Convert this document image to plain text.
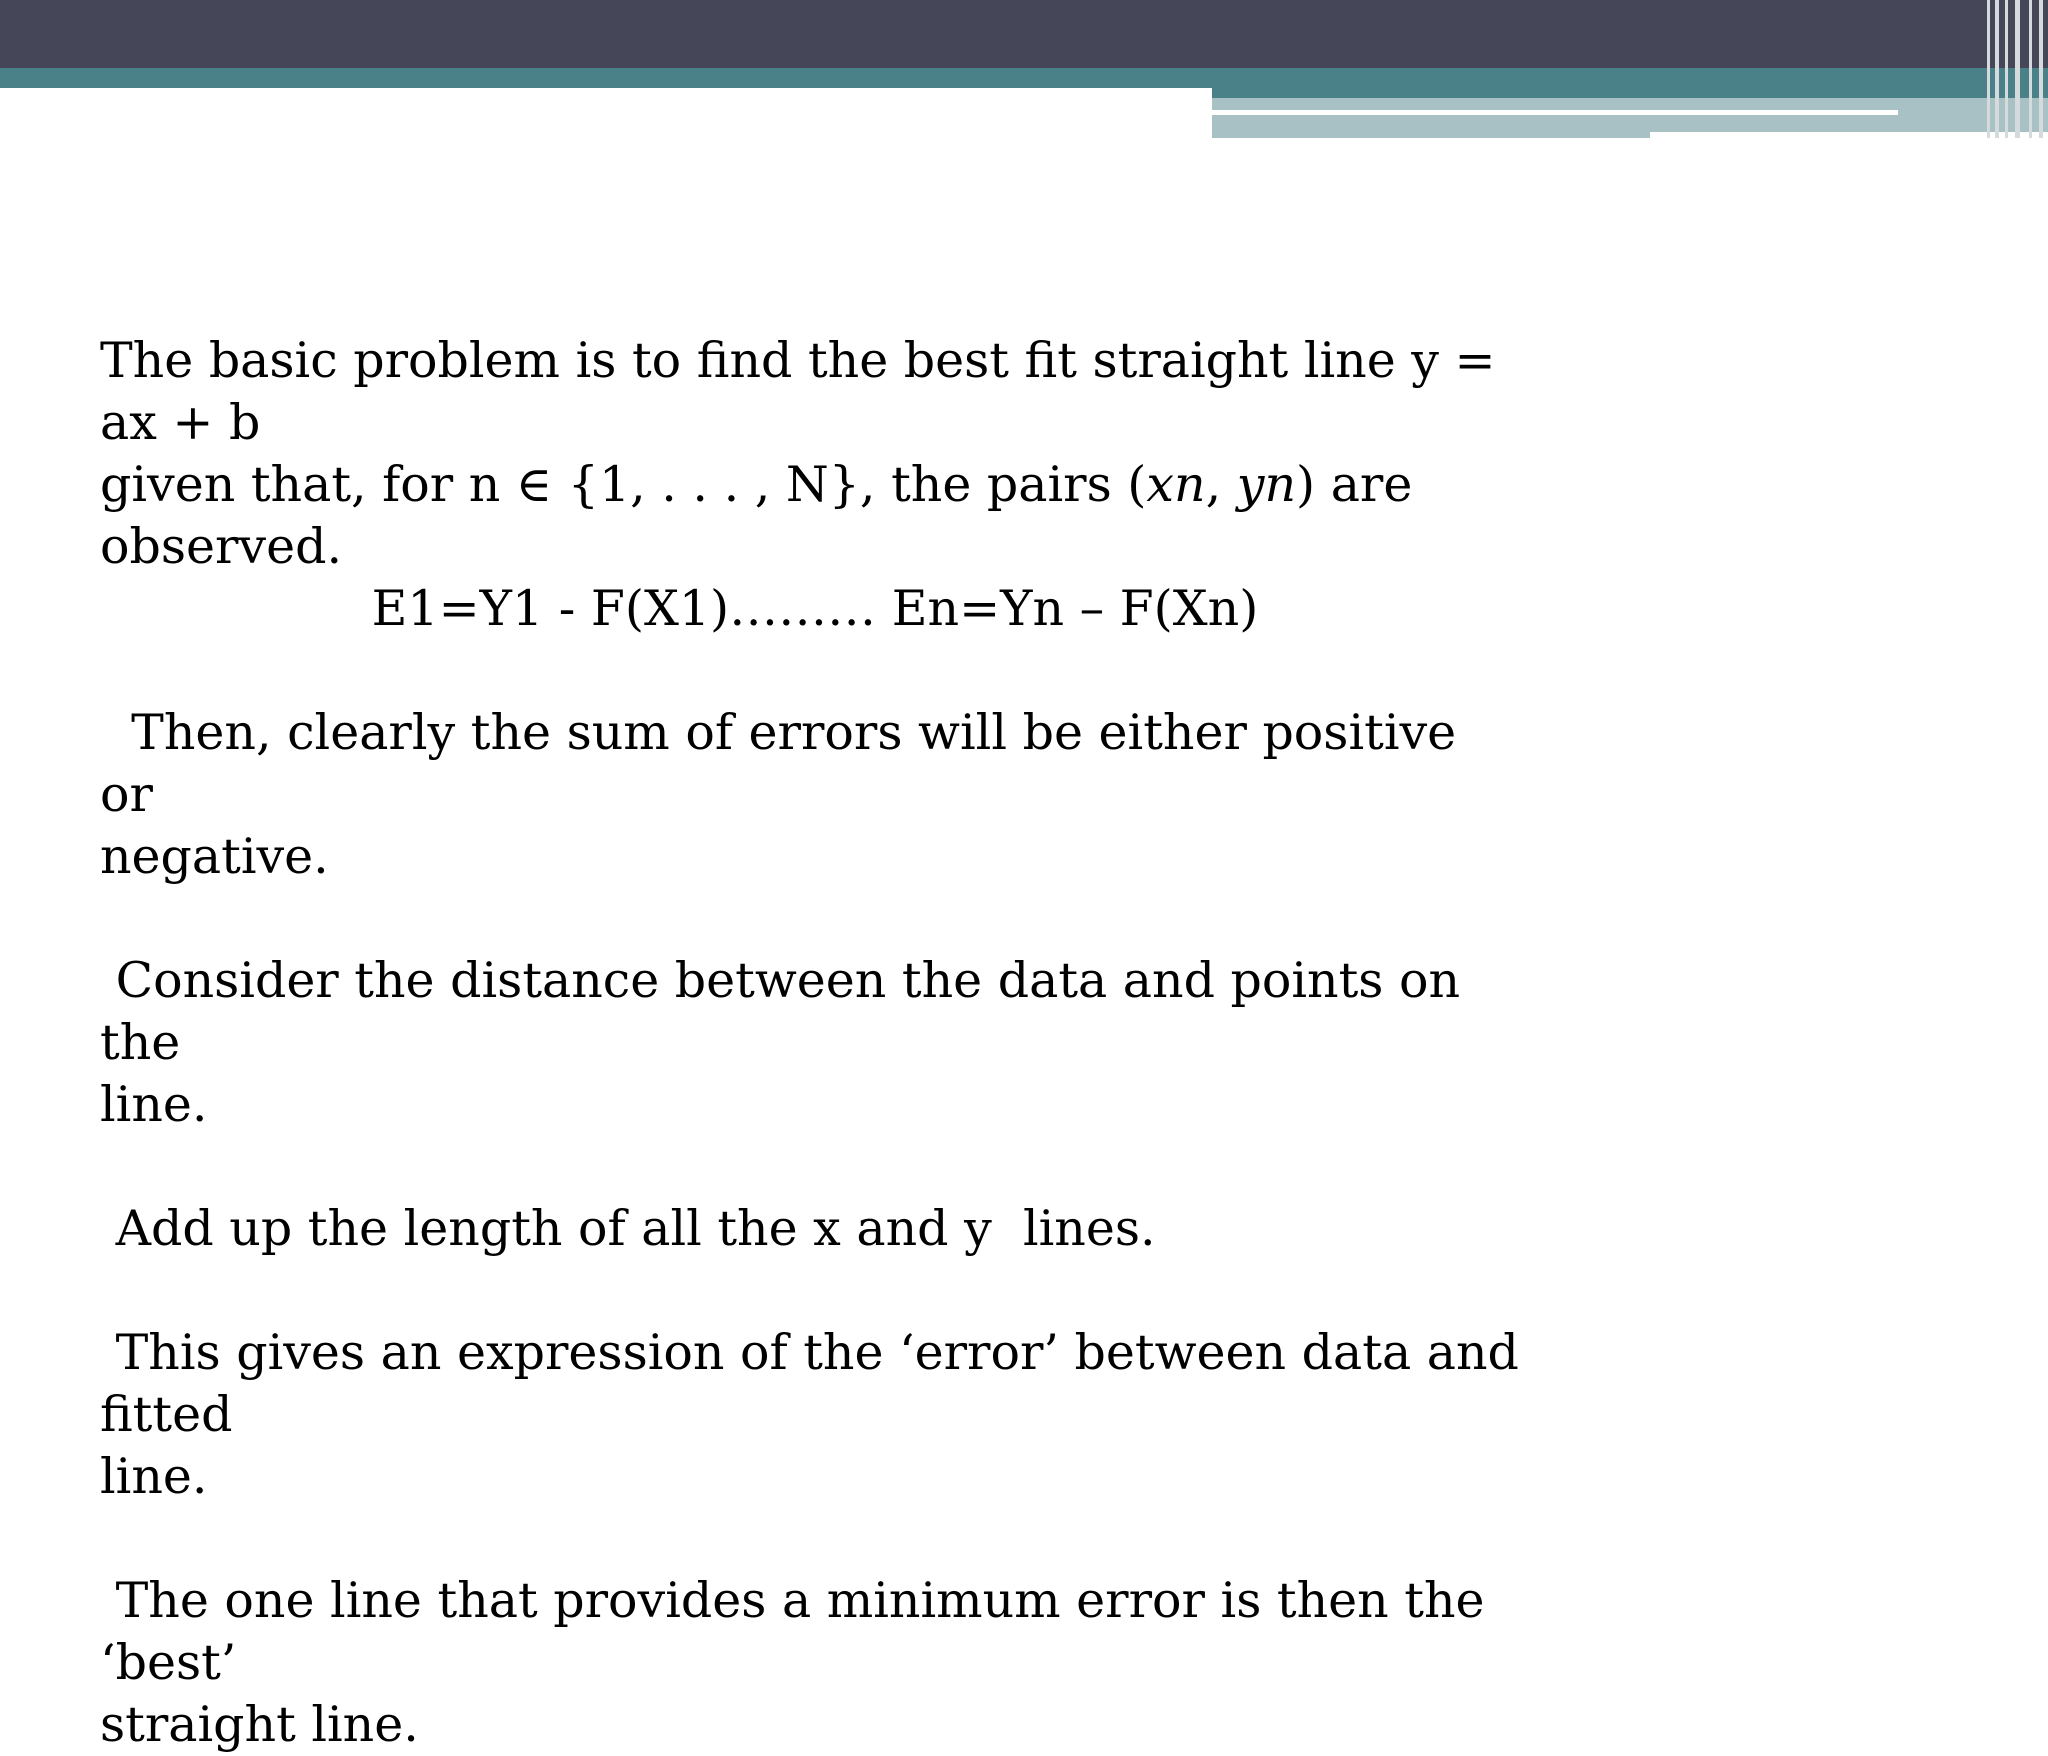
The basic problem is to find the best fit straight line y = ax + b

given that, for n ∈ {1, . . . , N}, the pairs (xn, yn) are observed.

E1=Y1 - F(X1)……… En=Yn – F(Xn)

Then, clearly the sum of errors will be either positive or

negative.

Consider the distance between the data and points on the

line.

Add up the length of all the x and y  lines.

This gives an expression of the ‘error’ between data and fitted

line.

The one line that provides a minimum error is then the ‘best’

straight line.
